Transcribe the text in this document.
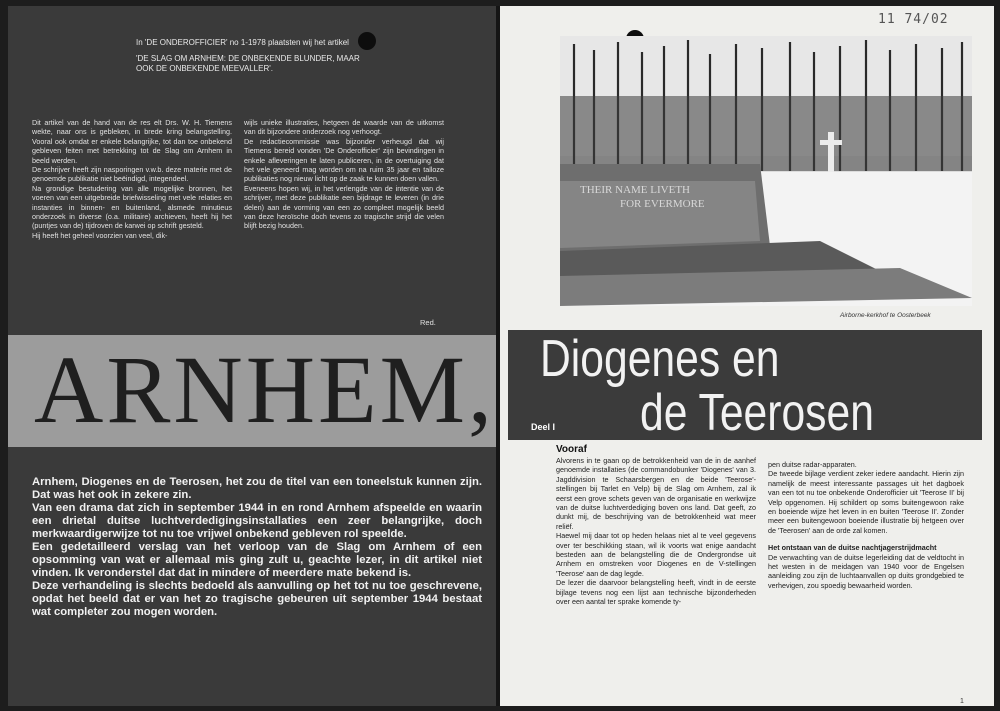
In 'DE ONDEROFFICIER' no 1-1978 plaatsten wij het artikel

'DE SLAG OM ARNHEM: DE ONBEKENDE BLUNDER, MAAR OOK DE ONBEKENDE MEEVALLER'.

Dit artikel van de hand van de res elt Drs. W. H. Tiemens wekte, naar ons is gebleken, in brede kring belangstelling. Vooral ook omdat er enkele belangrijke, tot dan toe onbekend gebleven feiten met betrekking tot de Slag om Arnhem in beeld werden.

De schrijver heeft zijn nasporingen v.w.b. deze materie met de genoemde publikatie niet beëindigd, integendeel.

Na grondige bestudering van alle mogelijke bronnen, het voeren van een uitgebreide briefwisseling met vele relaties en instanties in binnen- en buitenland, alsmede minutieus onderzoek in diverse (o.a. militaire) archieven, heeft hij het (puntjes van de) tijdroven de karwei op schrift gesteld.

Hij heeft het geheel voorzien van veel, dik-

wijls unieke illustraties, hetgeen de waarde van de uitkomst van dit bijzondere onderzoek nog verhoogt.

De redactiecommissie was bijzonder verheugd dat wij Tiemens bereid vonden 'De Onderofficier' zijn bevindingen in enkele afleveringen te laten publiceren, in de overtuiging dat het vele geneerd mag worden om na ruim 35 jaar en talloze publikaties nog nieuw licht op de zaak te kunnen doen vallen.

Eveneens hopen wij, in het verlengde van de intentie van de schrijver, met deze publikatie een bijdrage te leveren (in drie delen) aan de vorming van een zo compleet mogelijk beeld van deze heroïsche doch tevens zo tragische strijd die velen blijft bezig houden.

Red.
ARNHEM,

Arnhem, Diogenes en de Teerosen, het zou de titel van een toneelstuk kunnen zijn. Dat was het ook in zekere zin.

Van een drama dat zich in september 1944 in en rond Arnhem afspeelde en waarin een drietal duitse luchtverdedigingsinstallaties een zeer belangrijke, doch merkwaardigerwijze tot nu toe vrijwel onbekend gebleven rol speelde.

Een gedetailleerd verslag van het verloop van de Slag om Arnhem of een opsomming van wat er allemaal mis ging zult u, geachte lezer, in dit artikel niet vinden. Ik veronderstel dat dat in mindere of meerdere mate bekend is.

Deze verhandeling is slechts bedoeld als aanvulling op het tot nu toe geschrevene, opdat het beeld dat er van het zo tragische gebeuren uit september 1944 bestaat wat completer zou mogen worden.

11 74/02
THEIR NAME LIVETH
FOR EVERMORE
Airborne-kerkhof te Oosterbeek
Diogenes en
de Teerosen
Deel I
Vooraf

Alvorens in te gaan op de betrokkenheid van de in de aanhef genoemde installaties (de commandobunker 'Diogenes' van 3. Jagddivision te Schaarsbergen en de beide 'Teerose'-stellingen bij Tarlet en Velp) bij de Slag om Arnhem, zal ik eerst een grove schets geven van de organisatie en werkwijze van de duitse luchtverdediging boven ons land. Dat geeft, zo dunkt mij, de beschrijving van de betrokkenheid wat meer reliëf.

Haewel mij daar tot op heden helaas niet al te veel gegevens over ter beschikking staan, wil ik voorts wat enige aandacht besteden aan de belangstelling die de Ondergrondse uit Arnhem en omstreken voor Diogenes en de V-stellingen 'Teerose' aan de dag legde.

De lezer die daarvoor belangstelling heeft, vindt in de eerste bijlage tevens nog een lijst aan technische bijzonderheden over een aantal ter sprake komende ty-

pen duitse radar-apparaten.

De tweede bijlage verdient zeker iedere aandacht. Hierin zijn namelijk de meest interessante passages uit het dagboek van een tot nu toe onbekende Onderofficier uit 'Teerose II' bij Velp opgenomen. Hij schildert op soms buitengewoon rake en boeiende wijze het leven in en buiten 'Teerose II'. Zonder meer een buitengewoon boeiende illustratie bij hetgeen over de 'Teerosen' aan de orde zal komen.

Het ontstaan van de duitse nachtjagerstrijdmacht

De verwachting van de duitse legerleiding dat de veldtocht in het westen in de meidagen van 1940 voor de Engelsen aanleiding zou zijn de luchtaanvallen op duits grondgebied te verhevigen, zou spoedig bewaarheid worden.

1
